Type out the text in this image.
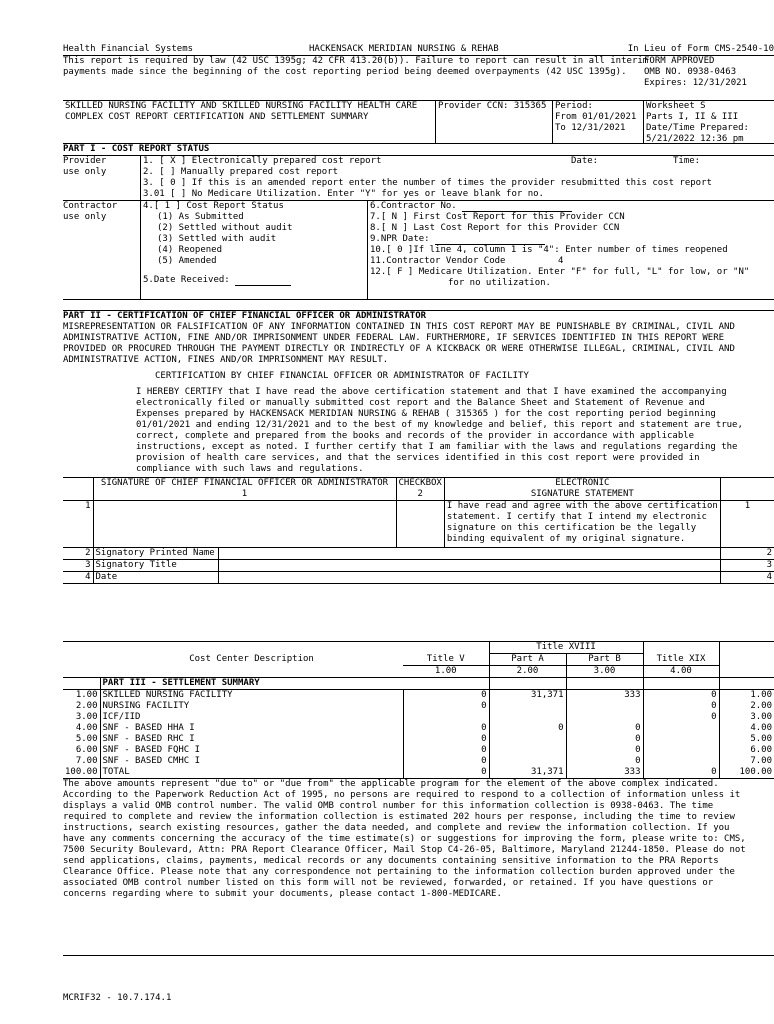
Health Financial Systems	HACKENSACK MERIDIAN NURSING & REHAB	In Lieu of Form CMS-2540-10
This report is required by law (42 USC 1395g; 42 CFR 413.20(b)). Failure to report can result in all interim
payments made since the beginning of the cost reporting period being deemed overpayments (42 USC 1395g).
FORM APPROVED
OMB NO. 0938-0463
Expires: 12/31/2021
SKILLED NURSING FACILITY AND SKILLED NURSING FACILITY HEALTH CARE
COMPLEX COST REPORT CERTIFICATION AND SETTLEMENT SUMMARY
Provider CCN: 315365 Period:
From 01/01/2021
To 12/31/2021
Worksheet S
Parts I, II & III
Date/Time Prepared:
5/21/2022 12:36 pm
PART I - COST REPORT STATUS
Provider
use only
1. [ X ] Electronically prepared cost report	Date:	Time:
2. [ ] Manually prepared cost report
3. [ 0 ] If this is an amended report enter the number of times the provider resubmitted this cost report
3.01 [ ] No Medicare Utilization. Enter "Y" for yes or leave blank for no.
Contractor
use only
4.[ 1 ] Cost Report Status
(1) As Submitted
(2) Settled without audit
(3) Settled with audit
(4) Reopened
(5) Amended
5.Date Received:
6.Contractor No.
7.[ N ] First Cost Report for this Provider CCN
8.[ N ] Last Cost Report for this Provider CCN
9.NPR Date:
10.[ 0 ]If line 4, column 1 is "4": Enter number of times reopened
11.Contractor Vendor Code	4
12.[ F ] Medicare Utilization. Enter "F" for full, "L" for low, or "N"
for no utilization.
PART II - CERTIFICATION OF CHIEF FINANCIAL OFFICER OR ADMINISTRATOR
MISREPRESENTATION OR FALSIFICATION OF ANY INFORMATION CONTAINED IN THIS COST REPORT MAY BE PUNISHABLE BY CRIMINAL, CIVIL AND
ADMINISTRATIVE ACTION, FINE AND/OR IMPRISONMENT UNDER FEDERAL LAW. FURTHERMORE, IF SERVICES IDENTIFIED IN THIS REPORT WERE
PROVIDED OR PROCURED THROUGH THE PAYMENT DIRECTLY OR INDIRECTLY OF A KICKBACK OR WERE OTHERWISE ILLEGAL, CRIMINAL, CIVIL AND
ADMINISTRATIVE ACTION, FINES AND/OR IMPRISONMENT MAY RESULT.
CERTIFICATION BY CHIEF FINANCIAL OFFICER OR ADMINISTRATOR OF FACILITY
I HEREBY CERTIFY that I have read the above certification statement and that I have examined the accompanying
electronically filed or manually submitted cost report and the Balance Sheet and Statement of Revenue and
Expenses prepared by HACKENSACK MERIDIAN NURSING & REHAB ( 315365 ) for the cost reporting period beginning
01/01/2021 and ending 12/31/2021 and to the best of my knowledge and belief, this report and statement are true,
correct, complete and prepared from the books and records of the provider in accordance with applicable
instructions, except as noted. I further certify that I am familiar with the laws and regulations regarding the
provision of health care services, and that the services identified in this cost report were provided in
compliance with such laws and regulations.
	SIGNATURE OF CHIEF FINANCIAL OFFICER OR ADMINISTRATOR		CHECKBOX	ELECTRONIC	
	1		2	SIGNATURE STATEMENT	
1				I have read and agree with the above certification
statement. I certify that I intend my electronic
signature on this certification be the legally
binding equivalent of my original signature.	1
2	Signatory Printed Name				2
3	Signatory Title				3
4	Date				4
			Title XVIII			
	Cost Center Description	Title V	Part A	Part B	Title XIX	
		1.00	2.00	3.00	4.00	
	PART III - SETTLEMENT SUMMARY					
1.00	SKILLED NURSING FACILITY	0	31,371	333	0	1.00
2.00	NURSING FACILITY	0			0	2.00
3.00	ICF/IID				0	3.00
4.00	SNF - BASED HHA I	0	0	0		4.00
5.00	SNF - BASED RHC I	0		0		5.00
6.00	SNF - BASED FQHC I	0		0		6.00
7.00	SNF - BASED CMHC I	0		0		7.00
100.00	TOTAL	0	31,371	333	0	100.00
The above amounts represent "due to" or "due from" the applicable program for the element of the above complex indicated.
According to the Paperwork Reduction Act of 1995, no persons are required to respond to a collection of information unless it
displays a valid OMB control number. The valid OMB control number for this information collection is 0938-0463. The time
required to complete and review the information collection is estimated 202 hours per response, including the time to review
instructions, search existing resources, gather the data needed, and complete and review the information collection. If you
have any comments concerning the accuracy of the time estimate(s) or suggestions for improving the form, please write to: CMS,
7500 Security Boulevard, Attn: PRA Report Clearance Officer, Mail Stop C4-26-05, Baltimore, Maryland 21244-1850. Please do not
send applications, claims, payments, medical records or any documents containing sensitive information to the PRA Reports
Clearance Office. Please note that any correspondence not pertaining to the information collection burden approved under the
associated OMB control number listed on this form will not be reviewed, forwarded, or retained. If you have questions or
concerns regarding where to submit your documents, please contact 1-800-MEDICARE.
MCRIF32 - 10.7.174.1
